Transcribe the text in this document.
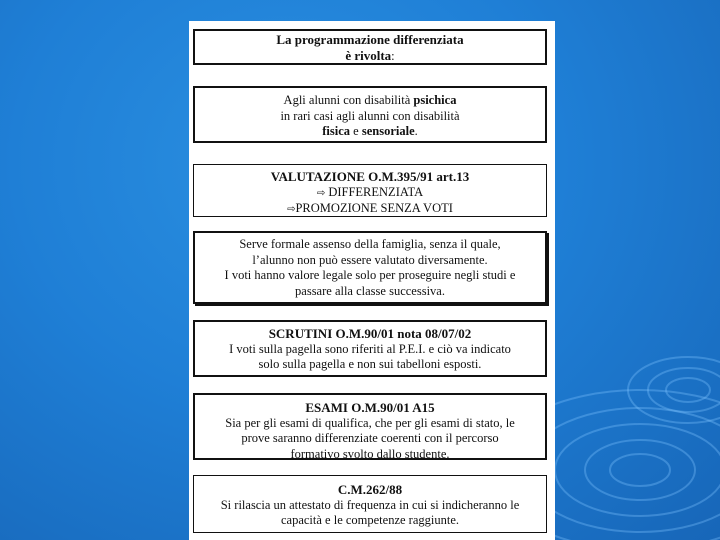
La programmazione differenziata
è rivolta:
Agli alunni con disabilità psichica
in rari casi agli alunni con disabilità
fisica e sensoriale.
VALUTAZIONE O.M.395/91 art.13
⇨ DIFFERENZIATA
⇨PROMOZIONE SENZA VOTI
Serve formale assenso della famiglia, senza il quale,
l’alunno non può essere valutato diversamente.
I voti hanno valore legale solo per proseguire negli studi e
passare alla classe successiva.
SCRUTINI O.M.90/01 nota 08/07/02
I voti sulla pagella sono riferiti al P.E.I. e ciò va indicato
solo sulla pagella e non sui tabelloni esposti.
ESAMI O.M.90/01 A15
Sia per gli esami di qualifica, che per gli esami di stato, le
prove saranno differenziate coerenti con il percorso
formativo svolto dallo studente.
C.M.262/88
Si rilascia un attestato di frequenza in cui si indicheranno le
capacità e le competenze raggiunte.
